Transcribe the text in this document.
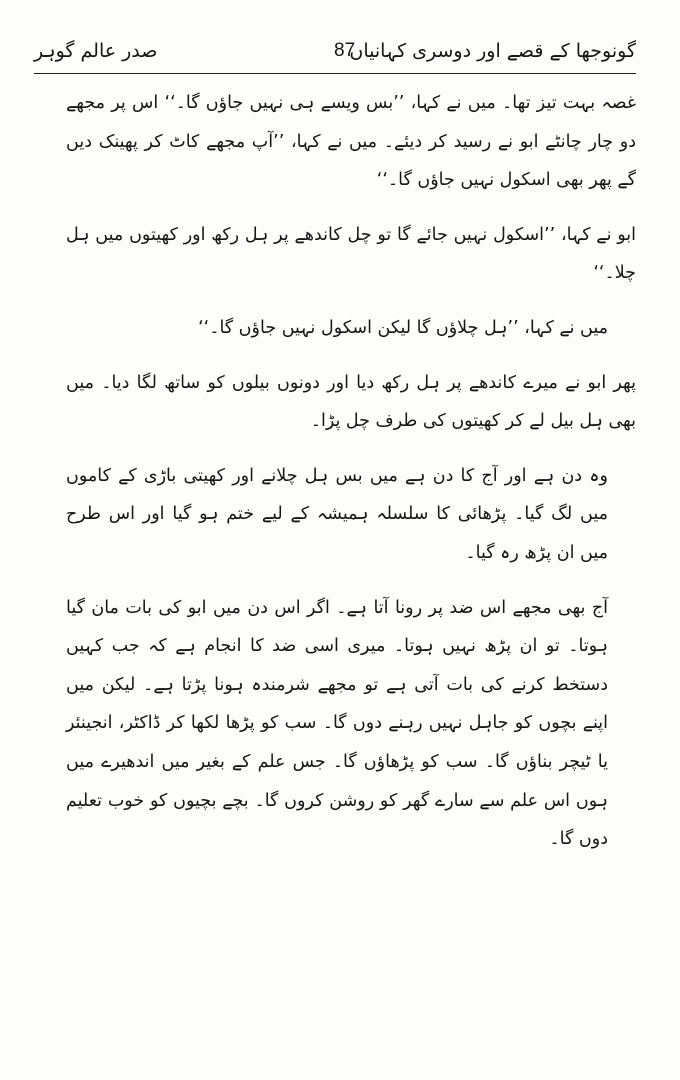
گونوجھا کے قصے اور دوسری کہانیاں
87
صدر عالم گوہر

غصہ بہت تیز تھا۔ میں نے کہا، ’’بس ویسے ہی نہیں جاؤں گا۔‘‘ اس پر مجھے دو چار چانٹے ابو نے رسید کر دیئے۔ میں نے کہا، ’’آپ مجھے کاٹ کر پھینک دیں گے پھر بھی اسکول نہیں جاؤں گا۔‘‘

ابو نے کہا، ’’اسکول نہیں جائے گا تو چل کاندھے پر ہل رکھ اور کھیتوں میں ہل چلا۔‘‘

میں نے کہا، ’’ہل چلاؤں گا لیکن اسکول نہیں جاؤں گا۔‘‘

پھر ابو نے میرے کاندھے پر ہل رکھ دیا اور دونوں بیلوں کو ساتھ لگا دیا۔ میں بھی ہل بیل لے کر کھیتوں کی طرف چل پڑا۔

وہ دن ہے اور آج کا دن ہے میں بس ہل چلانے اور کھیتی باڑی کے کاموں میں لگ گیا۔ پڑھائی کا سلسلہ ہمیشہ کے لیے ختم ہو گیا اور اس طرح میں ان پڑھ رہ گیا۔

آج بھی مجھے اس ضد پر رونا آتا ہے۔ اگر اس دن میں ابو کی بات مان گیا ہوتا۔ تو ان پڑھ نہیں ہوتا۔ میری اسی ضد کا انجام ہے کہ جب کہیں دستخط کرنے کی بات آتی ہے تو مجھے شرمندہ ہونا پڑتا ہے۔ لیکن میں اپنے بچوں کو جاہل نہیں رہنے دوں گا۔ سب کو پڑھا لکھا کر ڈاکٹر، انجینئر یا ٹیچر بناؤں گا۔ سب کو پڑھاؤں گا۔ جس علم کے بغیر میں اندھیرے میں ہوں اس علم سے سارے گھر کو روشن کروں گا۔ بچے بچیوں کو خوب تعلیم دوں گا۔
